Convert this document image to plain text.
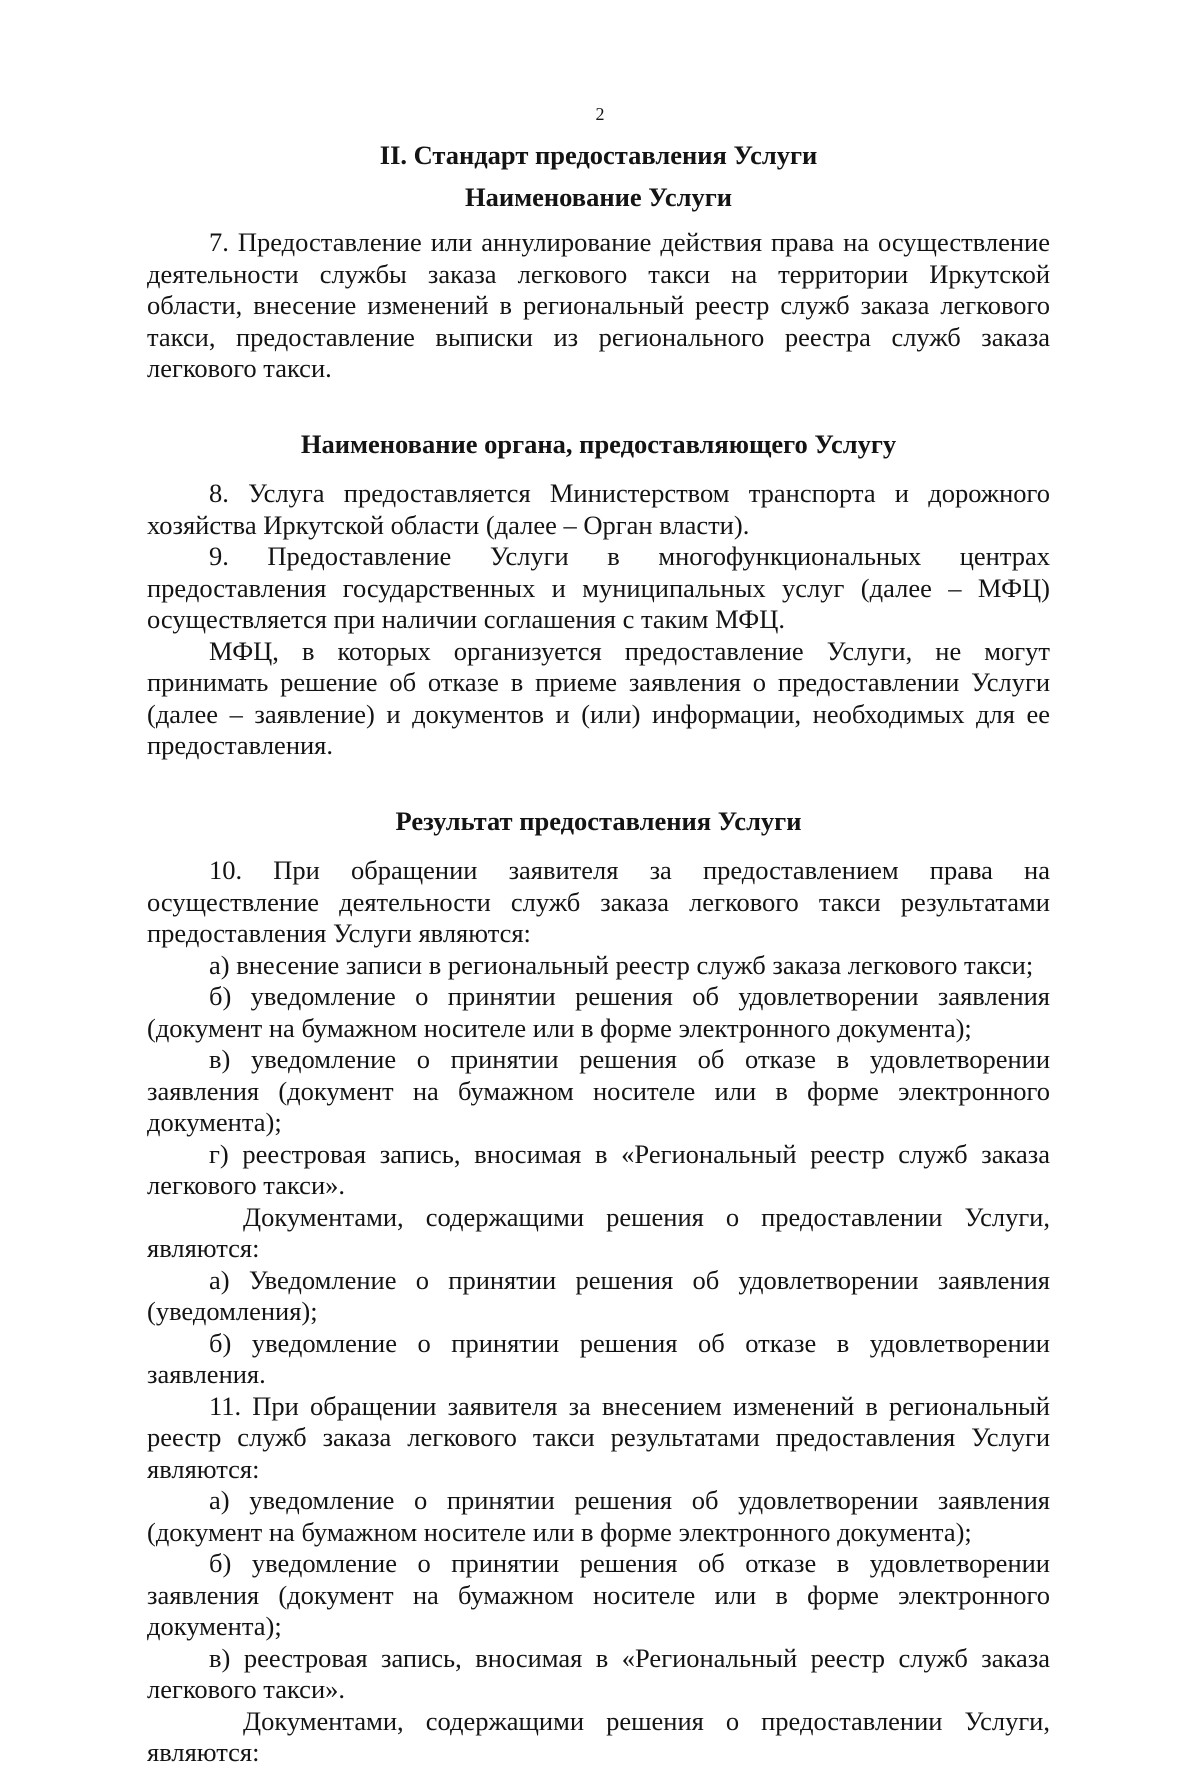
2
II. Стандарт предоставления Услуги
Наименование Услуги

7. Предоставление или аннулирование действия права на осуществление деятельности службы заказа легкового такси на территории Иркутской области, внесение изменений в региональный реестр служб заказа легкового такси, предоставление выписки из регионального реестра служб заказа легкового такси.

Наименование органа, предоставляющего Услугу

8. Услуга предоставляется Министерством транспорта и дорожного хозяйства Иркутской области (далее – Орган власти).

9. Предоставление Услуги в многофункциональных центрах предоставления государственных и муниципальных услуг (далее – МФЦ) осуществляется при наличии соглашения с таким МФЦ.

МФЦ, в которых организуется предоставление Услуги, не могут принимать решение об отказе в приеме заявления о предоставлении Услуги (далее – заявление) и документов и (или) информации, необходимых для ее предоставления.

Результат предоставления Услуги

10. При обращении заявителя за предоставлением права на осуществление деятельности служб заказа легкового такси результатами предоставления Услуги являются:

а) внесение записи в региональный реестр служб заказа легкового такси;

б) уведомление о принятии решения об удовлетворении заявления (документ на бумажном носителе или в форме электронного документа);

в) уведомление о принятии решения об отказе в удовлетворении заявления (документ на бумажном носителе или в форме электронного документа);

г) реестровая запись, вносимая в «Региональный реестр служб заказа легкового такси».

Документами, содержащими решения о предоставлении Услуги, являются:

а) Уведомление о принятии решения об удовлетворении заявления (уведомления);

б) уведомление о принятии решения об отказе в удовлетворении заявления.

11. При обращении заявителя за внесением изменений в региональный реестр служб заказа легкового такси результатами предоставления Услуги являются:

а) уведомление о принятии решения об удовлетворении заявления (документ на бумажном носителе или в форме электронного документа);

б) уведомление о принятии решения об отказе в удовлетворении заявления (документ на бумажном носителе или в форме электронного документа);

в) реестровая запись, вносимая в «Региональный реестр служб заказа легкового такси».

Документами, содержащими решения о предоставлении Услуги, являются:
